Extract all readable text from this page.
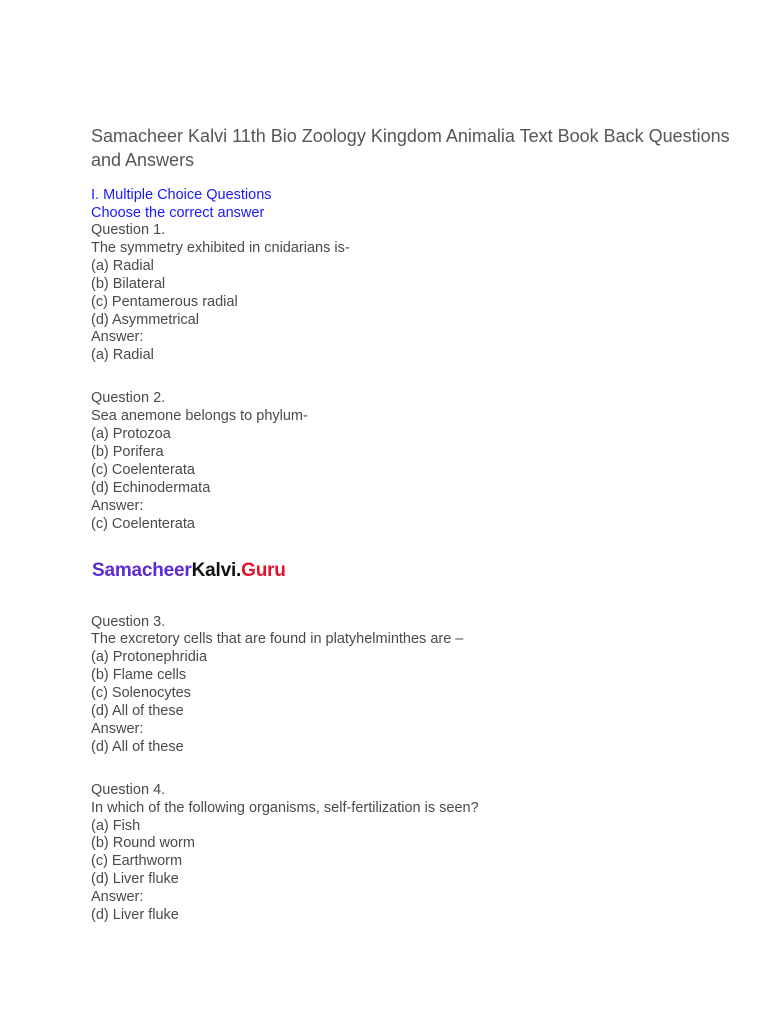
Samacheer Kalvi 11th Bio Zoology Kingdom Animalia Text Book Back Questions and Answers
I. Multiple Choice Questions
Choose the correct answer
Question 1.
The symmetry exhibited in cnidarians is-
(a) Radial
(b) Bilateral
(c) Pentamerous radial
(d) Asymmetrical
Answer:
(a) Radial
Question 2.
Sea anemone belongs to phylum-
(a) Protozoa
(b) Porifera
(c) Coelenterata
(d) Echinodermata
Answer:
(c) Coelenterata
SamacheerKalvi.Guru
Question 3.
The excretory cells that are found in platyhelminthes are –
(a) Protonephridia
(b) Flame cells
(c) Solenocytes
(d) All of these
Answer:
(d) All of these
Question 4.
In which of the following organisms, self-fertilization is seen?
(a) Fish
(b) Round worm
(c) Earthworm
(d) Liver fluke
Answer:
(d) Liver fluke
